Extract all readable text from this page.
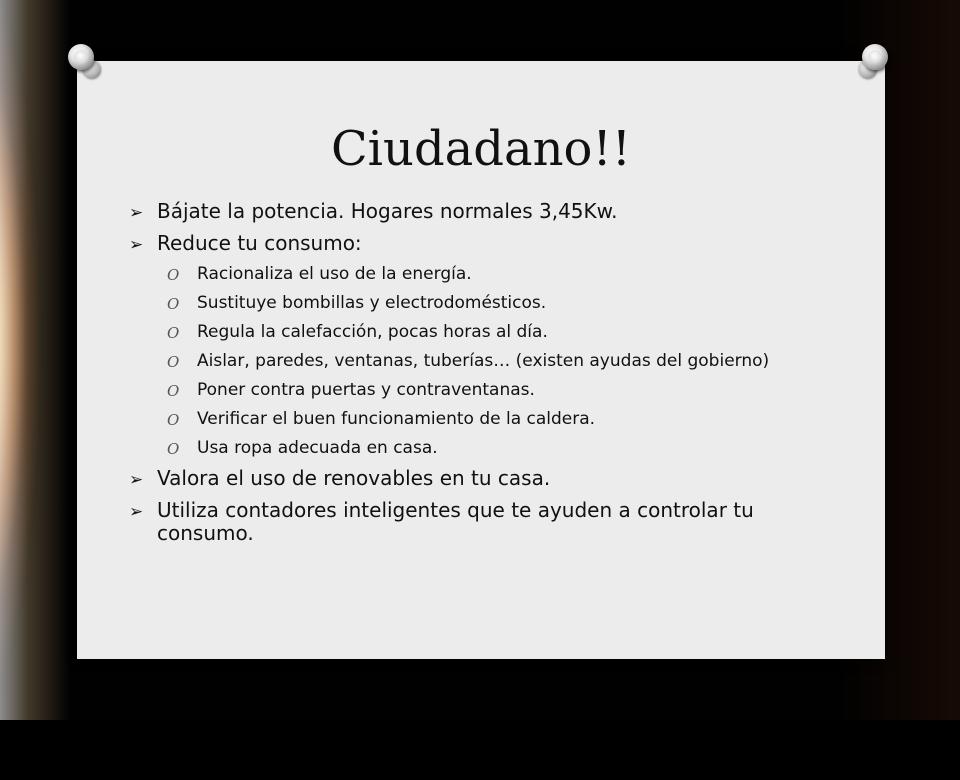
Ciudadano!!
➢ Bájate la potencia. Hogares normales 3,45Kw.
➢ Reduce tu consumo:
O Racionaliza el uso de la energía.
O Sustituye bombillas y electrodomésticos.
O Regula la calefacción, pocas horas al día.
O Aislar, paredes, ventanas, tuberías… (existen ayudas del gobierno)
O Poner contra puertas y contraventanas.
O Verificar el buen funcionamiento de la caldera.
O Usa ropa adecuada en casa.
➢ Valora el uso de renovables en tu casa.
➢ Utiliza contadores inteligentes que te ayuden a controlar tu consumo.
